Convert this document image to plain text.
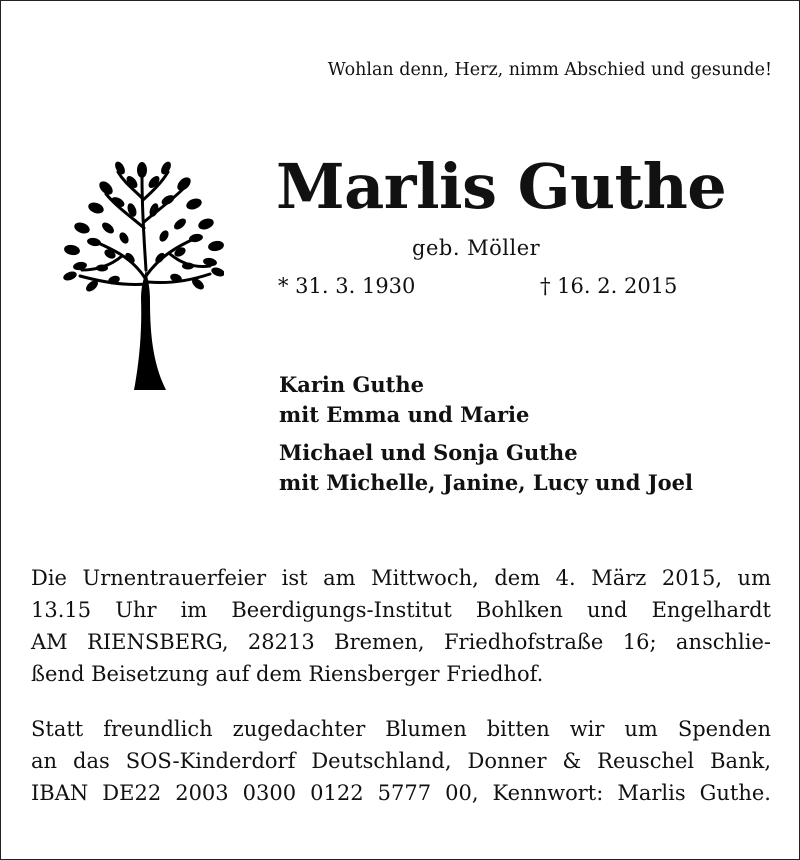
Wohlan denn, Herz, nimm Abschied und gesunde!
Marlis Guthe
geb. Möller
* 31. 3. 1930	† 16. 2. 2015
Karin Guthe
mit Emma und Marie
Michael und Sonja Guthe
mit Michelle, Janine, Lucy und Joel
Die Urnentrauerfeier ist am Mittwoch, dem 4. März 2015, um
13.15 Uhr im Beerdigungs-Institut Bohlken und Engelhardt
AM RIENSBERG, 28213 Bremen, Friedhofstraße 16; anschlie-
ßend Beisetzung auf dem Riensberger Friedhof.
Statt freundlich zugedachter Blumen bitten wir um Spenden
an das SOS-Kinderdorf Deutschland, Donner & Reuschel Bank,
IBAN DE22 2003 0300 0122 5777 00, Kennwort: Marlis Guthe.
